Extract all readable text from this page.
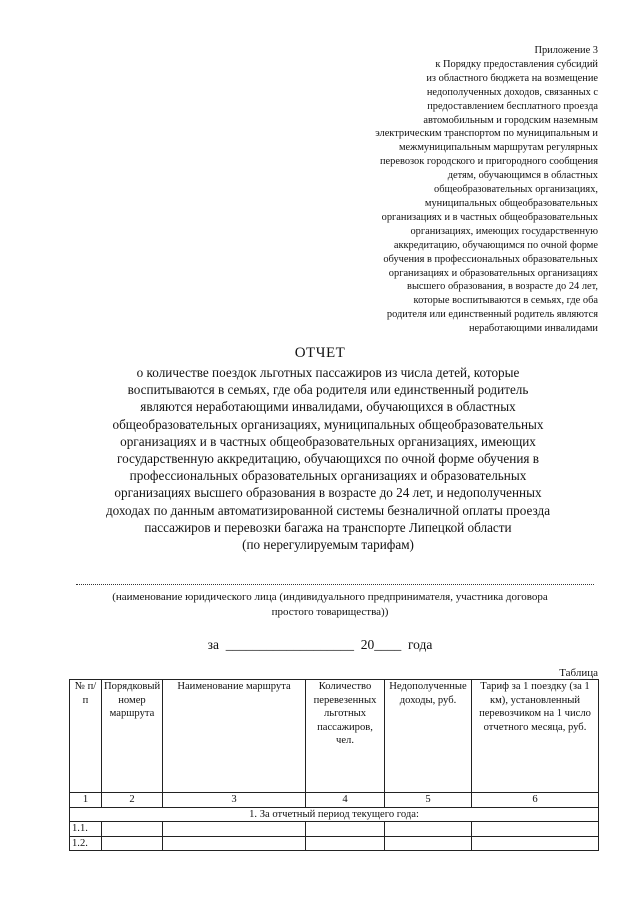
Приложение 3
к Порядку предоставления субсидий
из областного бюджета на возмещение
недополученных доходов, связанных с
предоставлением бесплатного проезда
автомобильным и городским наземным
электрическим транспортом по муниципальным и
межмуниципальным маршрутам регулярных
перевозок городского и пригородного сообщения
детям, обучающимся в областных
общеобразовательных организациях,
муниципальных общеобразовательных
организациях и в частных общеобразовательных
организациях, имеющих государственную
аккредитацию, обучающимся по очной форме
обучения в профессиональных образовательных
организациях и образовательных организациях
высшего образования, в возрасте до 24 лет,
которые воспитываются в семьях, где оба
родителя или единственный родитель являются
неработающими инвалидами
ОТЧЕТ
о количестве поездок льготных пассажиров из числа детей, которые
воспитываются в семьях, где оба родителя или единственный родитель
являются неработающими инвалидами, обучающихся в областных
общеобразовательных организациях, муниципальных общеобразовательных
организациях и в частных общеобразовательных организациях, имеющих
государственную аккредитацию, обучающихся по очной форме обучения в
профессиональных образовательных организациях и образовательных
организациях высшего образования в возрасте до 24 лет, и недополученных
доходах по данным автоматизированной системы безналичной оплаты проезда
пассажиров и перевозки багажа на транспорте Липецкой области
(по нерегулируемым тарифам)
(наименование юридического лица (индивидуального предпринимателя, участника договора
простого товарищества))
за  ___________________  20____  года
Таблица
№ п/п	Порядковый номер маршрута	Наименование маршрута	Количество перевезенных льготных пассажиров, чел.	Недополученные доходы, руб.	Тариф за 1 поездку (за 1 км), установленный перевозчиком на 1 число отчетного месяца, руб.
1	2	3	4	5	6
1. За отчетный период текущего года:					
1.1.					
1.2.					
